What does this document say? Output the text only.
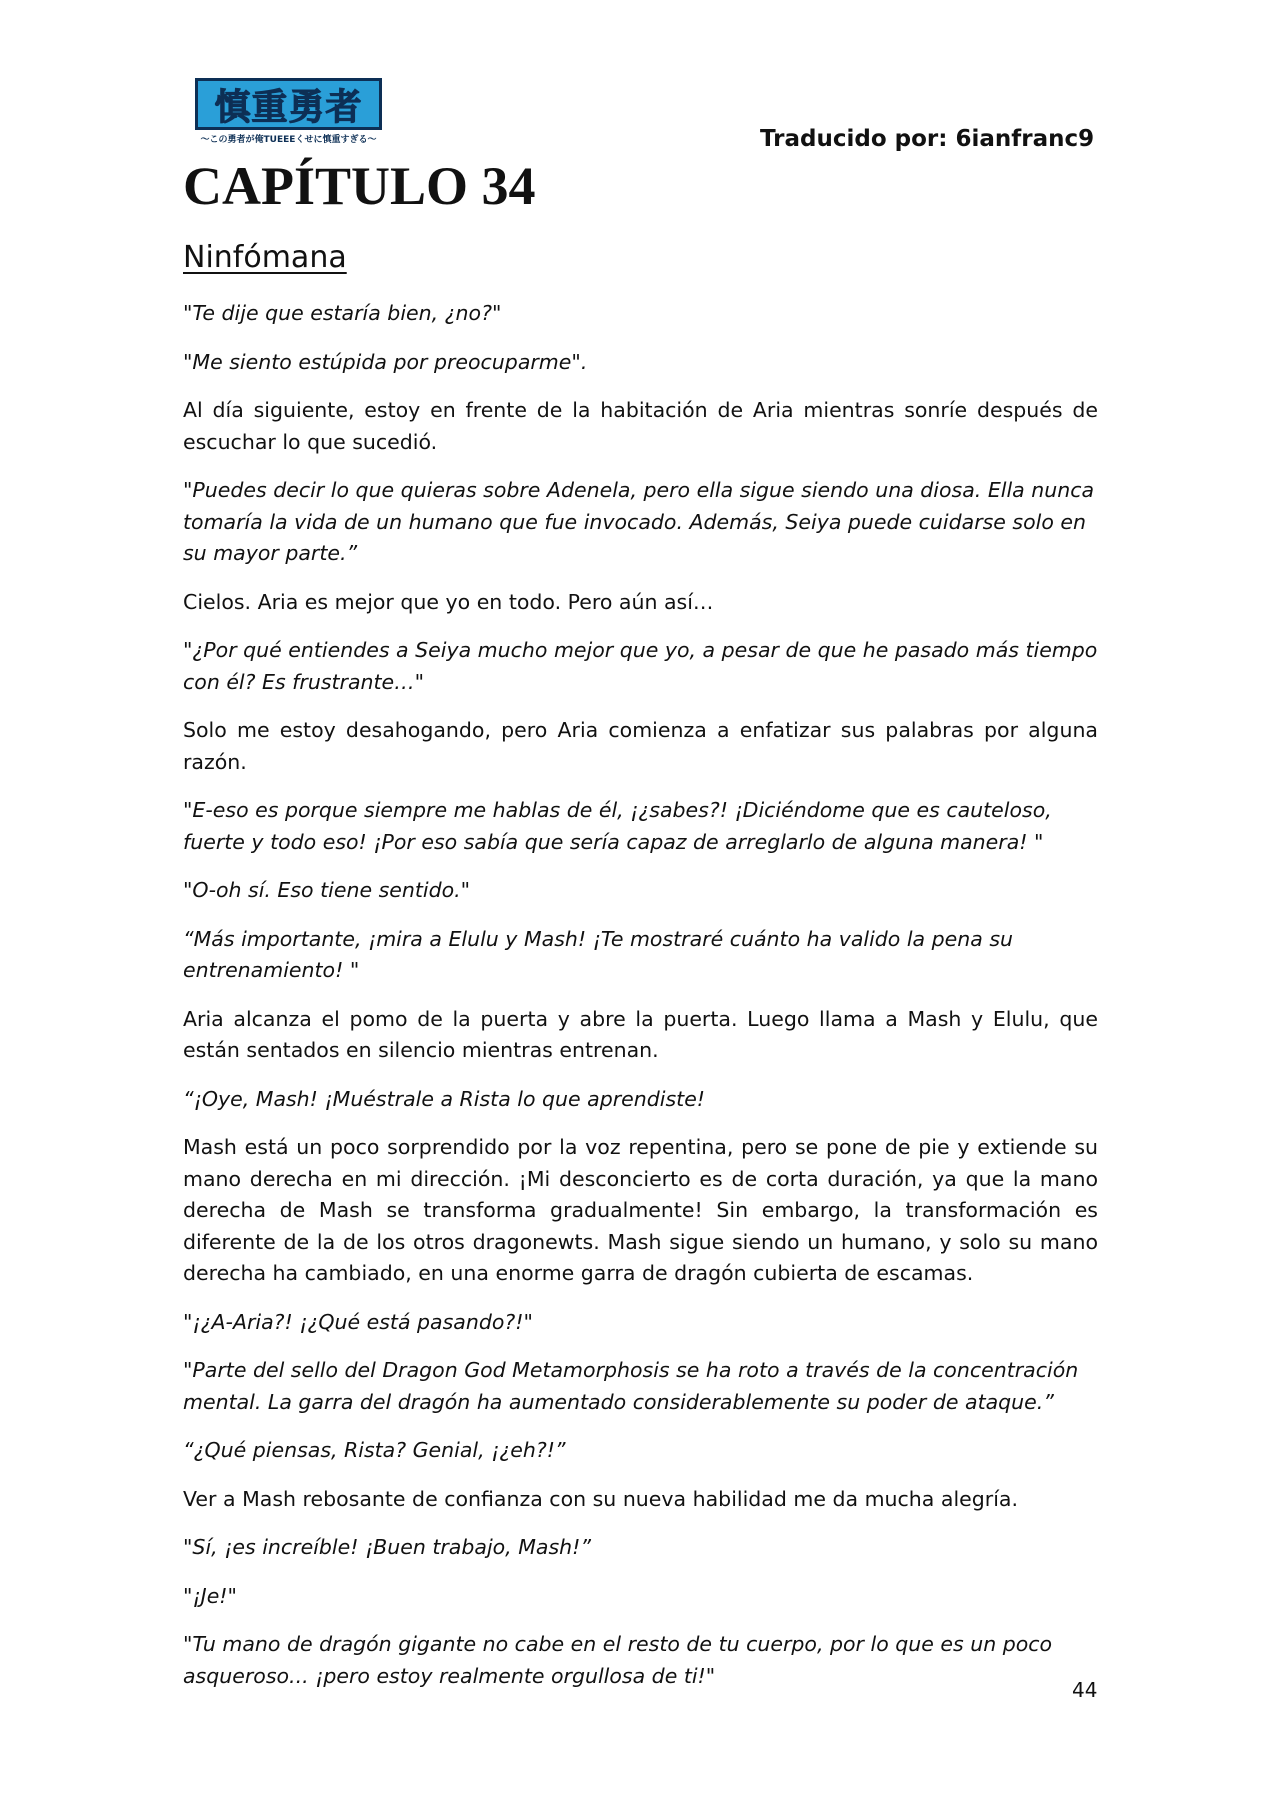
慎重勇者
〜この勇者が俺TUEEEくせに慎重すぎる〜	Traducido por: 6ianfranc9
CAPÍTULO 34
Ninfómana

"Te dije que estaría bien, ¿no?"

"Me siento estúpida por preocuparme".

Al día siguiente, estoy en frente de la habitación de Aria mientras sonríe después de escuchar lo que sucedió.

"Puedes decir lo que quieras sobre Adenela, pero ella sigue siendo una diosa. Ella nunca tomaría la vida de un humano que fue invocado. Además, Seiya puede cuidarse solo en su mayor parte.”

Cielos. Aria es mejor que yo en todo. Pero aún así…

"¿Por qué entiendes a Seiya mucho mejor que yo, a pesar de que he pasado más tiempo con él? Es frustrante…"

Solo me estoy desahogando, pero Aria comienza a enfatizar sus palabras por alguna razón.

"E-eso es porque siempre me hablas de él, ¡¿sabes?! ¡Diciéndome que es cauteloso, fuerte y todo eso! ¡Por eso sabía que sería capaz de arreglarlo de alguna manera! "

"O-oh sí. Eso tiene sentido."

“Más importante, ¡mira a Elulu y Mash! ¡Te mostraré cuánto ha valido la pena su entrenamiento! "

Aria alcanza el pomo de la puerta y abre la puerta. Luego llama a Mash y Elulu, que están sentados en silencio mientras entrenan.

“¡Oye, Mash! ¡Muéstrale a Rista lo que aprendiste!

Mash está un poco sorprendido por la voz repentina, pero se pone de pie y extiende su mano derecha en mi dirección. ¡Mi desconcierto es de corta duración, ya que la mano derecha de Mash se transforma gradualmente! Sin embargo, la transformación es diferente de la de los otros dragonewts. Mash sigue siendo un humano, y solo su mano derecha ha cambiado, en una enorme garra de dragón cubierta de escamas.

"¡¿A-Aria?! ¡¿Qué está pasando?!"

"Parte del sello del Dragon God Metamorphosis se ha roto a través de la concentración mental. La garra del dragón ha aumentado considerablemente su poder de ataque.”

“¿Qué piensas, Rista? Genial, ¡¿eh?!”

Ver a Mash rebosante de confianza con su nueva habilidad me da mucha alegría.

"Sí, ¡es increíble! ¡Buen trabajo, Mash!”

"¡Je!"

"Tu mano de dragón gigante no cabe en el resto de tu cuerpo, por lo que es un poco asqueroso... ¡pero estoy realmente orgullosa de ti!"

44
